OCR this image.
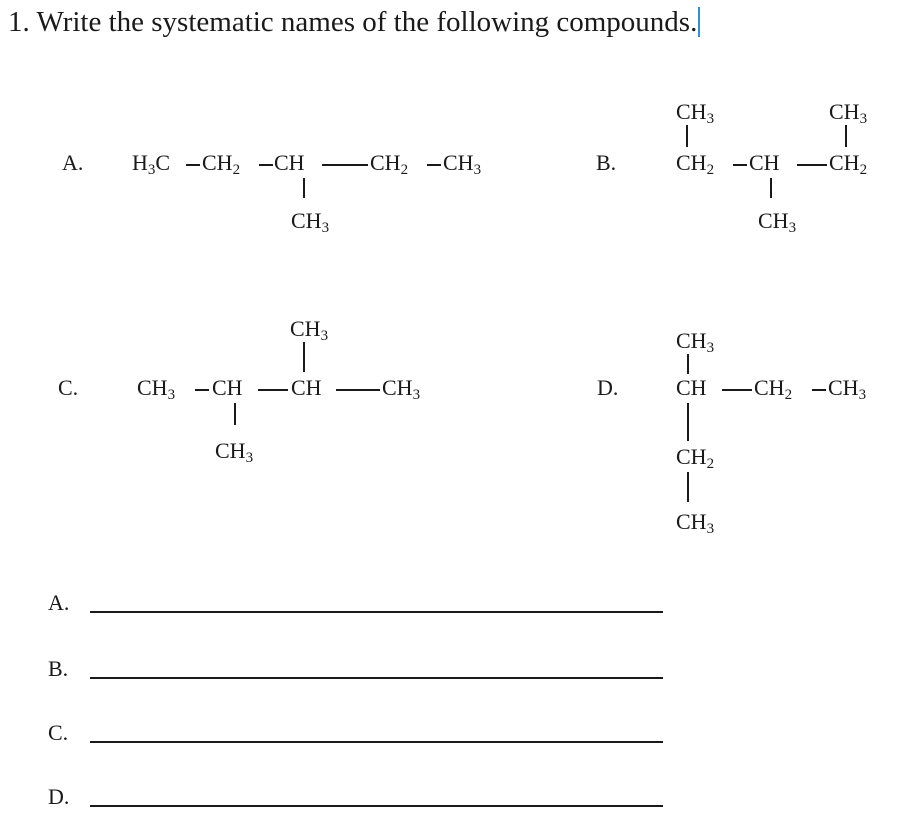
1. Write the systematic names of the following compounds.
A. $H_3C$ $CH_2$ CH	$CH_2$ $CH_3$
$CH_3$
B.
$CH_3$	$CH_3$
$CH_2$ CH $CH_2$
$CH_3$
C.
$CH_3$
$CH_3$ CH CH	$CH_3$
$CH_3$
D.
$CH_3$
CH $CH_2$ $CH_3$
$CH_2$
$CH_3$
A.
B.
C.
D.
